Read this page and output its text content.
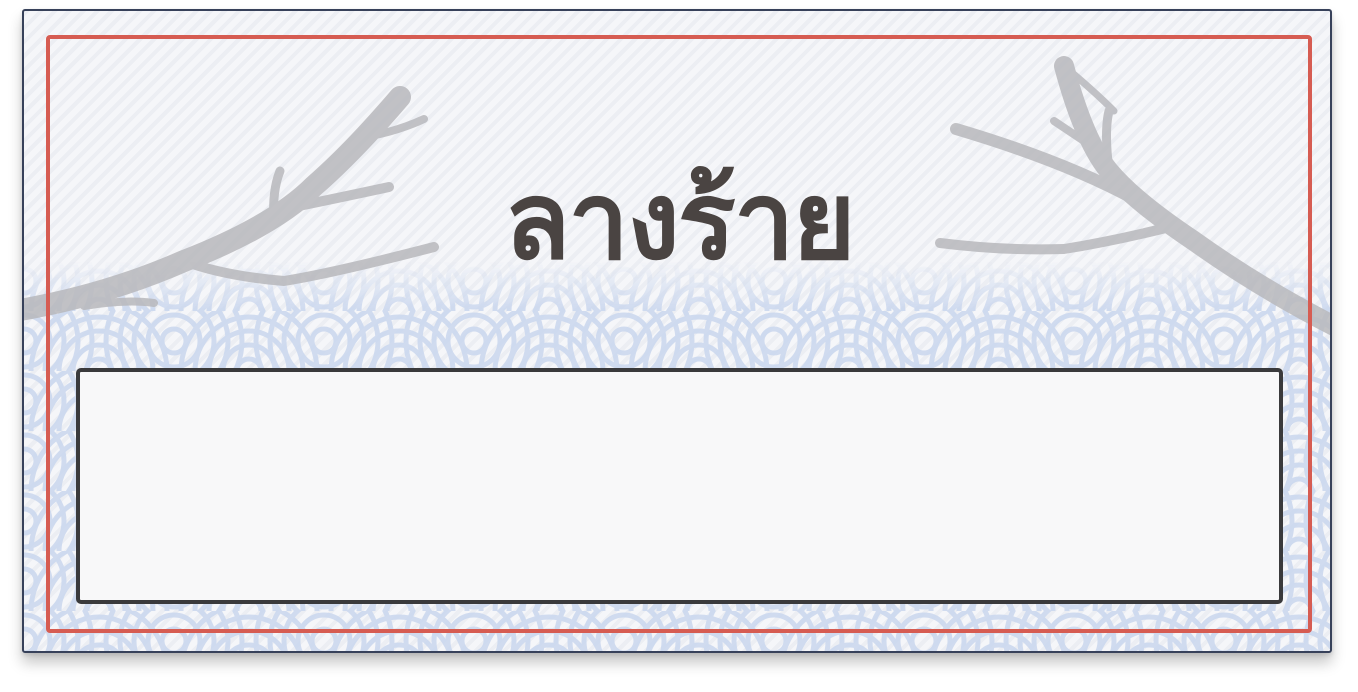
ลางร้าย
